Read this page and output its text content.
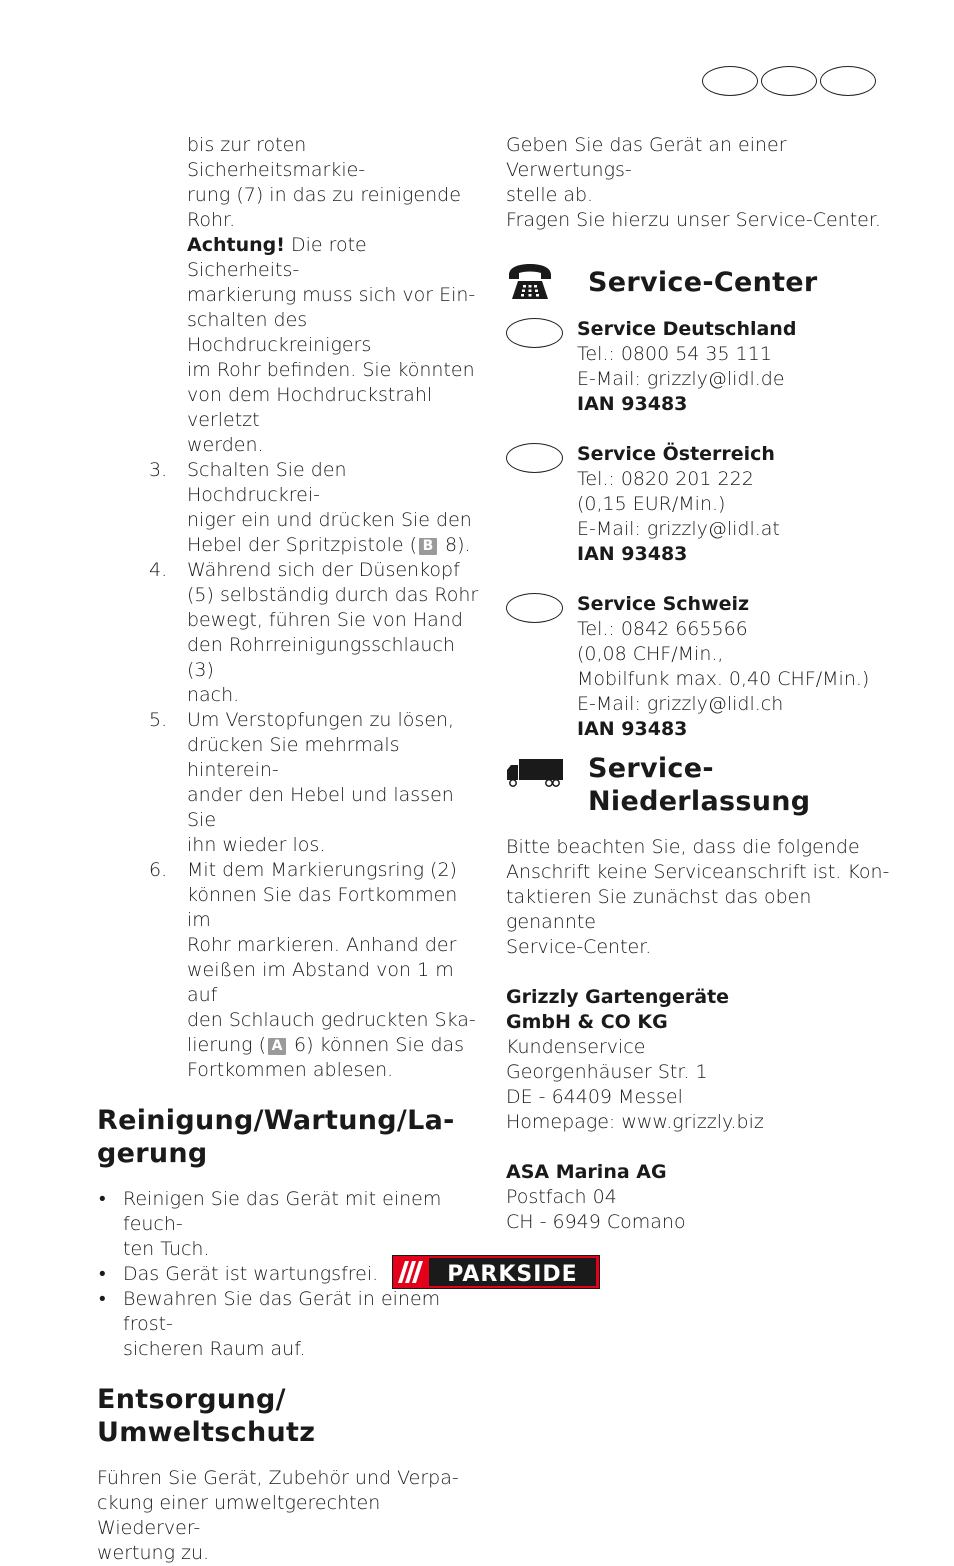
bis zur roten Sicherheitsmarkie-
rung (7) in das zu reinigende
Rohr.
Achtung! Die rote Sicherheits-
markierung muss sich vor Ein-
schalten des Hochdruckreinigers
im Rohr befinden. Sie könnten
von dem Hochdruckstrahl verletzt
werden.
3.	Schalten Sie den Hochdruckrei-
niger ein und drücken Sie den
Hebel der Spritzpistole ( B 8).
4.	Während sich der Düsenkopf
(5) selbständig durch das Rohr
bewegt, führen Sie von Hand
den Rohrreinigungsschlauch (3)
nach.
5.	Um Verstopfungen zu lösen,
drücken Sie mehrmals hinterein-
ander den Hebel und lassen Sie
ihn wieder los.
6.	Mit dem Markierungsring (2)
können Sie das Fortkommen im
Rohr markieren. Anhand der
weißen im Abstand von 1 m auf
den Schlauch gedruckten Ska-
lierung ( A 6) können Sie das
Fortkommen ablesen.
Reinigung/Wartung/La-
gerung
• Reinigen Sie das Gerät mit einem feuch-
ten Tuch.
• Das Gerät ist wartungsfrei.
• Bewahren Sie das Gerät in einem frost-
sicheren Raum auf.
Entsorgung/
Umweltschutz
Führen Sie Gerät, Zubehör und Verpa-
ckung einer umweltgerechten Wiederver-
wertung zu.
Geben Sie das Gerät an einer Verwertungs-
stelle ab.
Fragen Sie hierzu unser Service-Center.
Service-Center
Service Deutschland
Tel.: 0800 54 35 111
E-Mail: grizzly@lidl.de
IAN 93483
Service Österreich
Tel.: 0820 201 222
(0,15 EUR/Min.)
E-Mail: grizzly@lidl.at
IAN 93483
Service Schweiz
Tel.: 0842 665566
(0,08 CHF/Min.,
Mobilfunk max. 0,40 CHF/Min.)
E-Mail: grizzly@lidl.ch
IAN 93483
Service-
Niederlassung
Bitte beachten Sie, dass die folgende
Anschrift keine Serviceanschrift ist. Kon-
taktieren Sie zunächst das oben genannte
Service-Center.
Grizzly Gartengeräte
GmbH & CO KG
Kundenservice
Georgenhäuser Str. 1
DE - 64409 Messel
Homepage: www.grizzly.biz
ASA Marina AG
Postfach 04
CH - 6949 Comano
PARKSIDE
